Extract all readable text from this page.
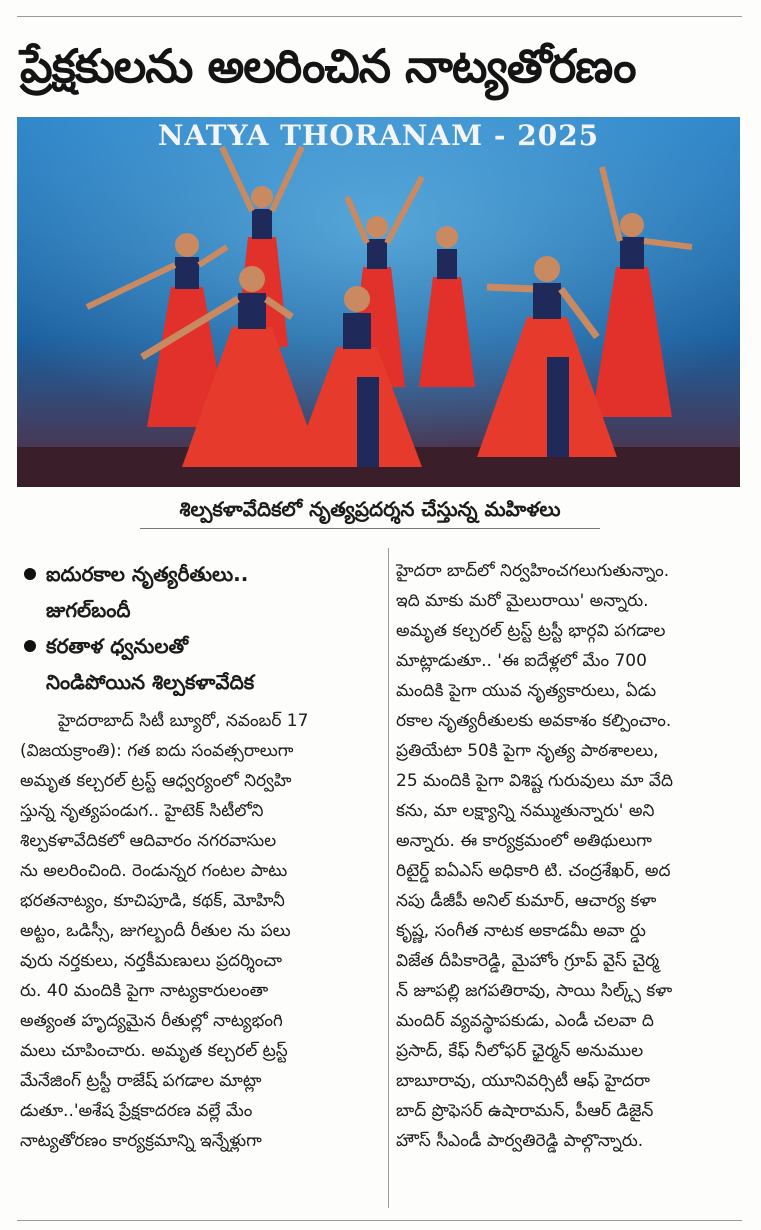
ప్రేక్షకులను అలరించిన నాట్యతోరణం
NATYA THORANAM - 2025
శిల్పకళావేదికలో నృత్యప్రదర్శన చేస్తున్న మహిళలు
ఐదురకాల నృత్యరీతులు..
జుగల్‌బందీ
కరతాళ ధ్వనులతో
నిండిపోయిన శిల్పకళావేదిక
హైదరాబాద్ సిటీ బ్యూరో, నవంబర్ 17
(విజయక్రాంతి): గత ఐదు సంవత్సరాలుగా
అమృత కల్చరల్ ట్రస్ట్ ఆధ్వర్యంలో నిర్వహి
స్తున్న నృత్యపండుగ.. హైటెక్ సిటీలోని
శిల్పకళావేదికలో ఆదివారం నగరవాసుల
ను అలరించింది. రెండున్నర గంటల పాటు
భరతనాట్యం, కూచిపూడి, కథక్, మోహినీ
అట్టం, ఒడిస్సీ, జుగల్బందీ రీతుల ను పలు
వురు నర్తకులు, నర్తకీమణులు ప్రదర్శించా
రు. 40 మందికి పైగా నాట్యకారులంతా
అత్యంత హృద్యమైన రీతుల్లో నాట్యభంగి
మలు చూపించారు. అమృత కల్చరల్ ట్రస్ట్
మేనేజింగ్ ట్రస్టీ రాజేష్ పగడాల మాట్లా
డుతూ..'అశేష ప్రేక్షకాదరణ వల్లే మేం
నాట్యతోరణం కార్యక్రమాన్ని ఇన్నేళ్లుగా
హైదరా బాద్‌లో నిర్వహించగలుగుతున్నాం.
ఇది మాకు మరో మైలురాయి' అన్నారు.
అమృత కల్చరల్ ట్రస్ట్ ట్రస్టీ భార్గవి పగడాల
మాట్లాడుతూ.. 'ఈ ఐదేళ్లలో మేం 700
మందికి పైగా యువ నృత్యకారులు, ఏడు
రకాల నృత్యరీతులకు అవకాశం కల్పించాం.
ప్రతియేటా 50కి పైగా నృత్య పాఠశాలలు,
25 మందికి పైగా విశిష్ట గురువులు మా వేది
కను, మా లక్ష్యాన్ని నమ్ముతున్నారు' అని
అన్నారు. ఈ కార్యక్రమంలో అతిథులుగా
రిటైర్డ్ ఐఏఎస్ అధికారి టి. చంద్రశేఖర్, అద
నపు డీజీపీ అనిల్ కుమార్, ఆచార్య కళా
కృష్ణ, సంగీత నాటక అకాడమీ అవా ర్డు
విజేత దీపికారెడ్డి, మైహోం గ్రూప్ వైస్ చైర్మ
న్ జూపల్లి జగపతిరావు, సాయి సిల్క్స్ కళా
మందిర్ వ్యవస్థాపకుడు, ఎండీ చలవా ది
ప్రసాద్, కేఫ్ నీలోఫర్ ఛైర్మన్ అనుముల
బాబూరావు, యూనివర్సిటీ ఆఫ్ హైదరా
బాద్ ప్రొఫెసర్ ఉషారామన్, పీఆర్ డిజైన్
హౌస్ సీఎండీ పార్వతిరెడ్డి పాల్గొన్నారు.
